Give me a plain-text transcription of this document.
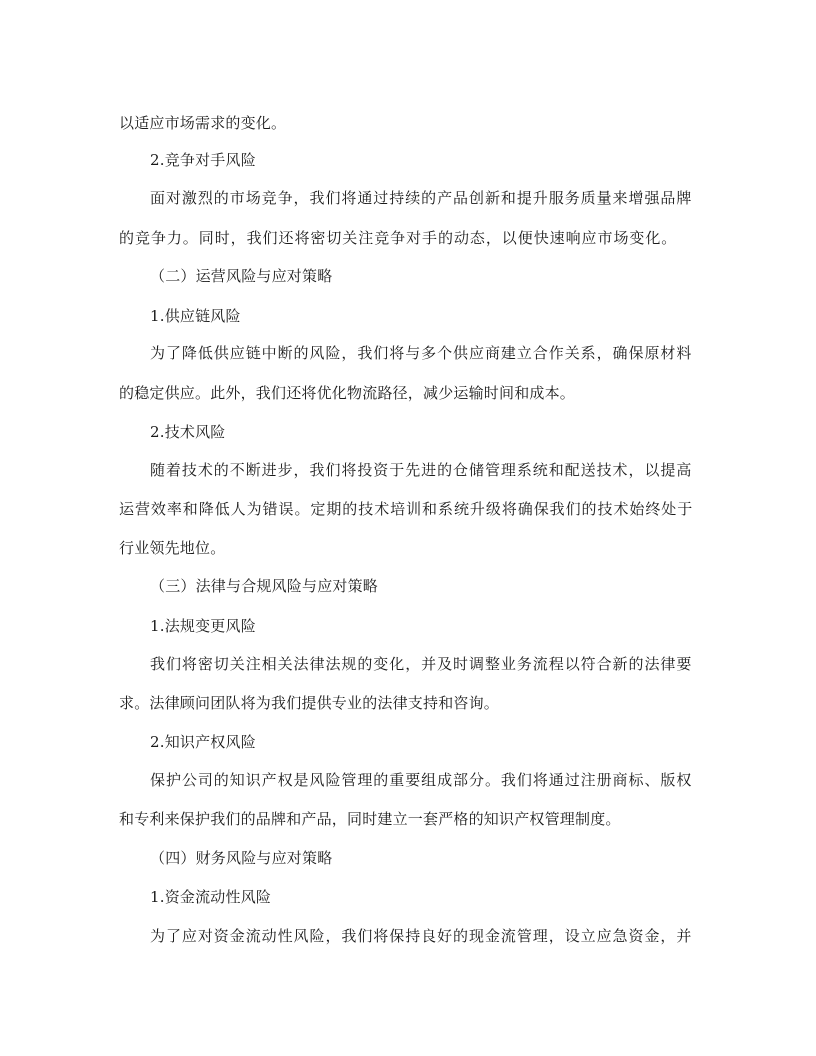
以适应市场需求的变化。
2.竞争对手风险
面对激烈的市场竞争，我们将通过持续的产品创新和提升服务质量来增强品牌
的竞争力。同时，我们还将密切关注竞争对手的动态，以便快速响应市场变化。
（二）运营风险与应对策略
1.供应链风险
为了降低供应链中断的风险，我们将与多个供应商建立合作关系，确保原材料
的稳定供应。此外，我们还将优化物流路径，减少运输时间和成本。
2.技术风险
随着技术的不断进步，我们将投资于先进的仓储管理系统和配送技术，以提高
运营效率和降低人为错误。定期的技术培训和系统升级将确保我们的技术始终处于
行业领先地位。
（三）法律与合规风险与应对策略
1.法规变更风险
我们将密切关注相关法律法规的变化，并及时调整业务流程以符合新的法律要
求。法律顾问团队将为我们提供专业的法律支持和咨询。
2.知识产权风险
保护公司的知识产权是风险管理的重要组成部分。我们将通过注册商标、版权
和专利来保护我们的品牌和产品，同时建立一套严格的知识产权管理制度。
（四）财务风险与应对策略
1.资金流动性风险
为了应对资金流动性风险，我们将保持良好的现金流管理，设立应急资金，并
